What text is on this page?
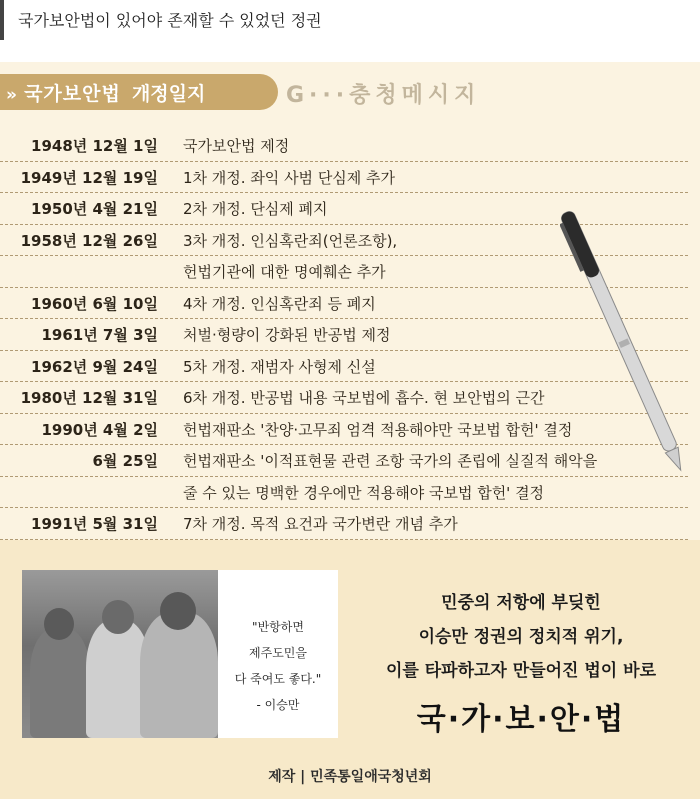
국가보안법이 있어야 존재할 수 있었던 정권
» 국가보안법 개정일지	G···충청메시지
1948년 12월 1일 국가보안법 제정
1949년 12월 19일 1차 개정. 좌익 사범 단심제 추가
1950년 4월 21일 2차 개정. 단심제 폐지
1958년 12월 26일 3차 개정. 인심혹란죄(언론조항),
헌법기관에 대한 명예훼손 추가
1960년 6월 10일 4차 개정. 인심혹란죄 등 폐지
1961년 7월 3일 처벌·형량이 강화된 반공법 제정
1962년 9월 24일 5차 개정. 재범자 사형제 신설
1980년 12월 31일 6차 개정. 반공법 내용 국보법에 흡수. 현 보안법의 근간
1990년 4월 2일 헌법재판소 '찬양·고무죄 엄격 적용해야만 국보법 합헌' 결정
6월 25일 헌법재판소 '이적표현물 관련 조항 국가의 존립에 실질적 해악을
줄 수 있는 명백한 경우에만 적용해야 국보법 합헌' 결정
1991년 5월 31일 7차 개정. 목적 요건과 국가변란 개념 추가
"반항하면
제주도민을
다 죽여도 좋다."
- 이승만
민중의 저항에 부딪힌
이승만 정권의 정치적 위기,
이를 타파하고자 만들어진 법이 바로
국·가·보·안·법
제작 | 민족통일애국청년회
